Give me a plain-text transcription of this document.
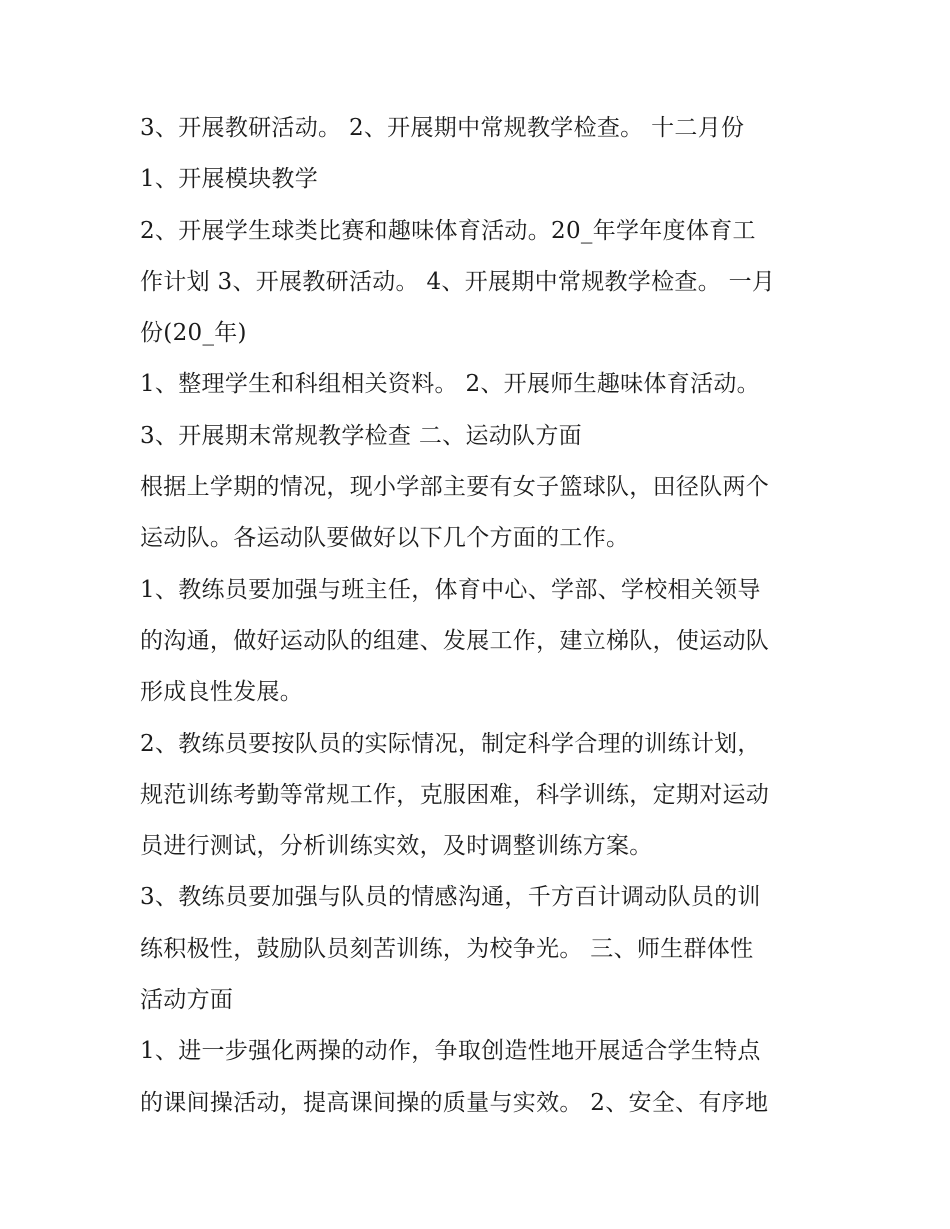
3、开展教研活动。 2、开展期中常规教学检查。 十二月份
1、开展模块教学
2、开展学生球类比赛和趣味体育活动。20_年学年度体育工
作计划 3、开展教研活动。 4、开展期中常规教学检查。 一月
份(20_年)
1、整理学生和科组相关资料。 2、开展师生趣味体育活动。
3、开展期末常规教学检查 二、运动队方面
根据上学期的情况，现小学部主要有女子篮球队，田径队两个
运动队。各运动队要做好以下几个方面的工作。
1、教练员要加强与班主任，体育中心、学部、学校相关领导
的沟通，做好运动队的组建、发展工作，建立梯队，使运动队
形成良性发展。
2、教练员要按队员的实际情况，制定科学合理的训练计划，
规范训练考勤等常规工作，克服困难，科学训练，定期对运动
员进行测试，分析训练实效，及时调整训练方案。
3、教练员要加强与队员的情感沟通，千方百计调动队员的训
练积极性，鼓励队员刻苦训练，为校争光。 三、师生群体性
活动方面
1、进一步强化两操的动作，争取创造性地开展适合学生特点
的课间操活动，提高课间操的质量与实效。 2、安全、有序地
